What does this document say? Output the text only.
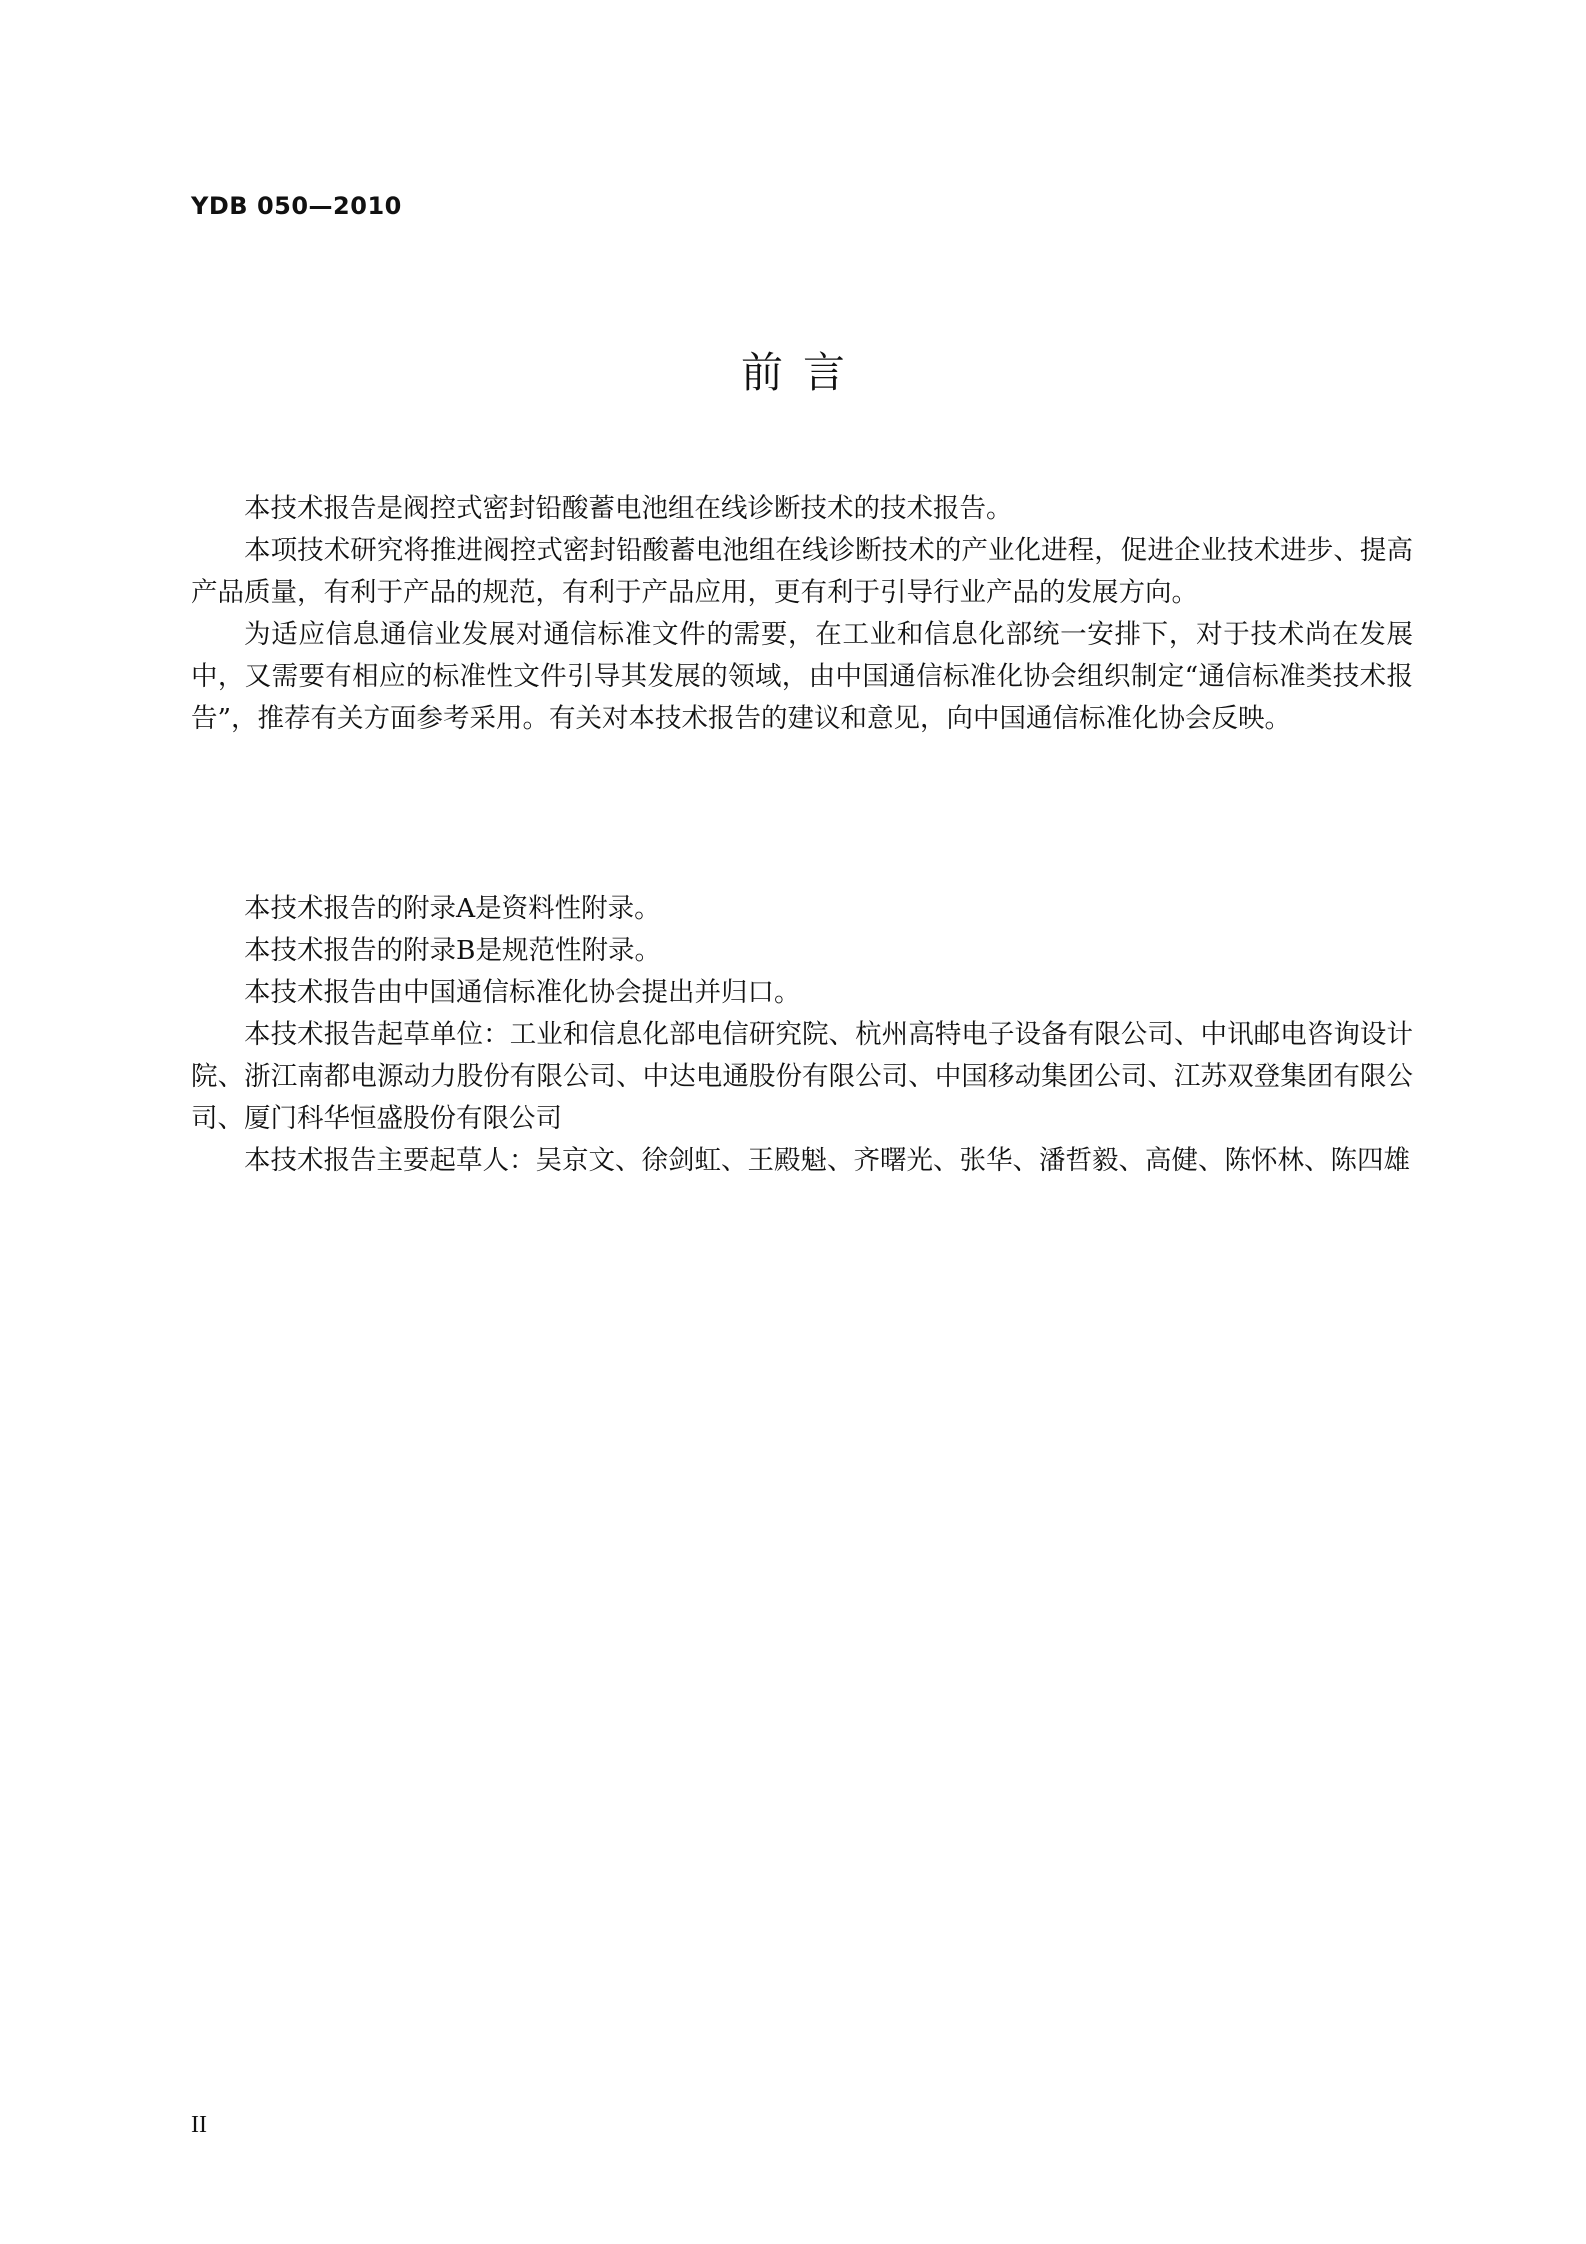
YDB 050—2010
前言

本技术报告是阀控式密封铅酸蓄电池组在线诊断技术的技术报告。

本项技术研究将推进阀控式密封铅酸蓄电池组在线诊断技术的产业化进程，促进企业技术进步、提高产品质量，有利于产品的规范，有利于产品应用，更有利于引导行业产品的发展方向。

为适应信息通信业发展对通信标准文件的需要，在工业和信息化部统一安排下，对于技术尚在发展中，又需要有相应的标准性文件引导其发展的领域，由中国通信标准化协会组织制定“通信标准类技术报告”，推荐有关方面参考采用。有关对本技术报告的建议和意见，向中国通信标准化协会反映。

本技术报告的附录A是资料性附录。

本技术报告的附录B是规范性附录。

本技术报告由中国通信标准化协会提出并归口。

本技术报告起草单位：工业和信息化部电信研究院、杭州高特电子设备有限公司、中讯邮电咨询设计院、浙江南都电源动力股份有限公司、中达电通股份有限公司、中国移动集团公司、江苏双登集团有限公司、厦门科华恒盛股份有限公司

本技术报告主要起草人：吴京文、徐剑虹、王殿魁、齐曙光、张华、潘哲毅、高健、陈怀林、陈四雄

II
